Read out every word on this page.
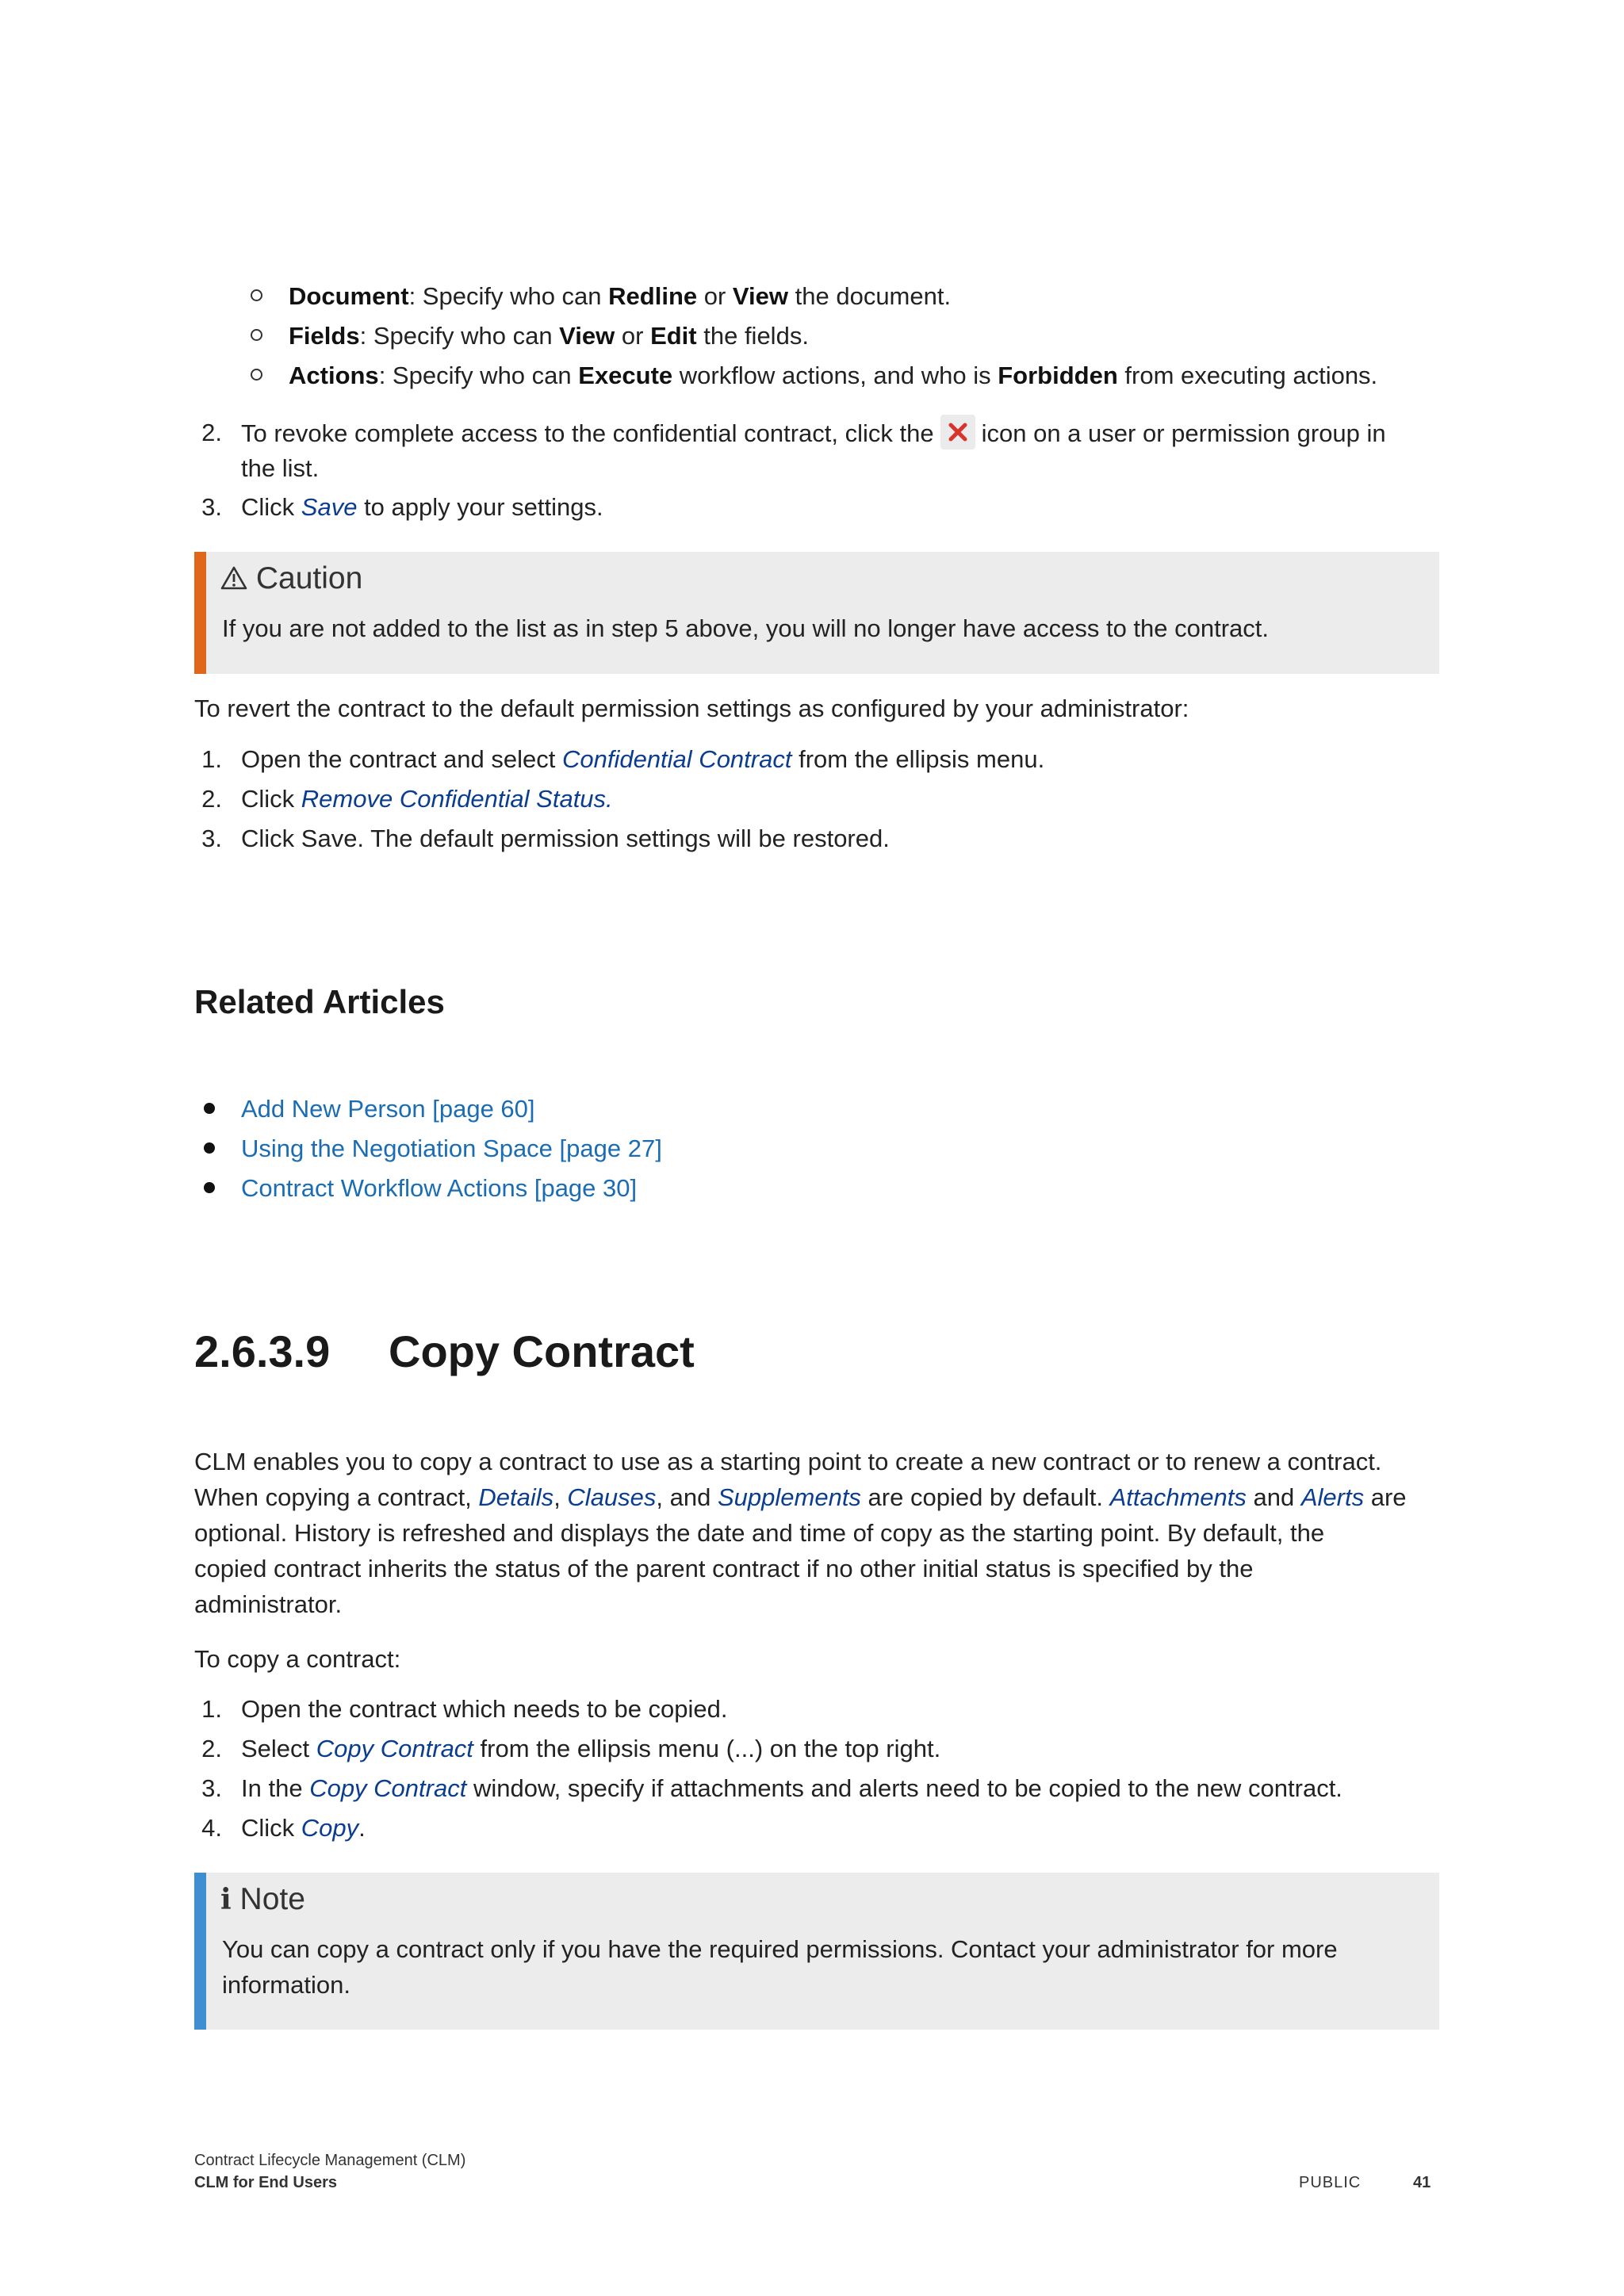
Document: Specify who can Redline or View the document.
Fields: Specify who can View or Edit the fields.
Actions: Specify who can Execute workflow actions, and who is Forbidden from executing actions.
2. To revoke complete access to the confidential contract, click the icon on a user or permission group in
the list.
3. Click Save to apply your settings.
Caution
If you are not added to the list as in step 5 above, you will no longer have access to the contract.
To revert the contract to the default permission settings as configured by your administrator:
1. Open the contract and select Confidential Contract from the ellipsis menu.
2. Click Remove Confidential Status.
3. Click Save. The default permission settings will be restored.
Related Articles
Add New Person [page 60]
Using the Negotiation Space [page 27]
Contract Workflow Actions [page 30]
2.6.3.9 Copy Contract
CLM enables you to copy a contract to use as a starting point to create a new contract or to renew a contract.
When copying a contract, Details, Clauses, and Supplements are copied by default. Attachments and Alerts are
optional. History is refreshed and displays the date and time of copy as the starting point. By default, the
copied contract inherits the status of the parent contract if no other initial status is specified by the
administrator.
To copy a contract:
1. Open the contract which needs to be copied.
2. Select Copy Contract from the ellipsis menu (...) on the top right.
3. In the Copy Contract window, specify if attachments and alerts need to be copied to the new contract.
4. Click Copy.
i Note
You can copy a contract only if you have the required permissions. Contact your administrator for more
information.
Contract Lifecycle Management (CLM)
CLM for End Users	PUBLIC	41
